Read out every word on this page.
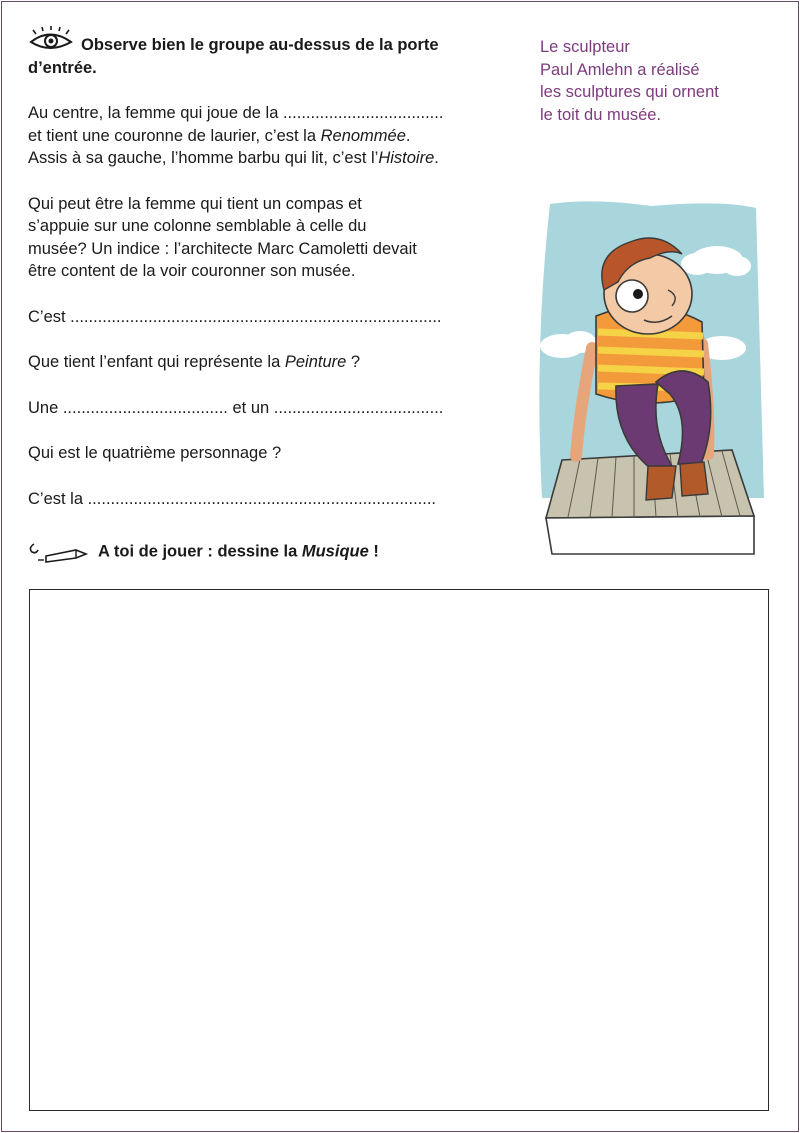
Observe bien le groupe au-dessus de la porte

d’entrée.

Au centre, la femme qui joue de la ...................................

et tient une couronne de laurier, c’est la Renommée.

Assis à sa gauche, l’homme barbu qui lit, c’est l’Histoire.

Qui peut être la femme qui tient un compas et

s’appuie sur une colonne semblable à celle du

musée? Un indice : l’architecte Marc Camoletti devait

être content de la voir couronner son musée.

C’est .................................................................................

Que tient l’enfant qui représente la Peinture ?

Une .................................... et un .....................................

Qui est le quatrième personnage ?

C’est la ............................................................................

Le sculpteur
Paul Amlehn a réalisé
les sculptures qui ornent
le toit du musée.
A toi de jouer : dessine la Musique !
